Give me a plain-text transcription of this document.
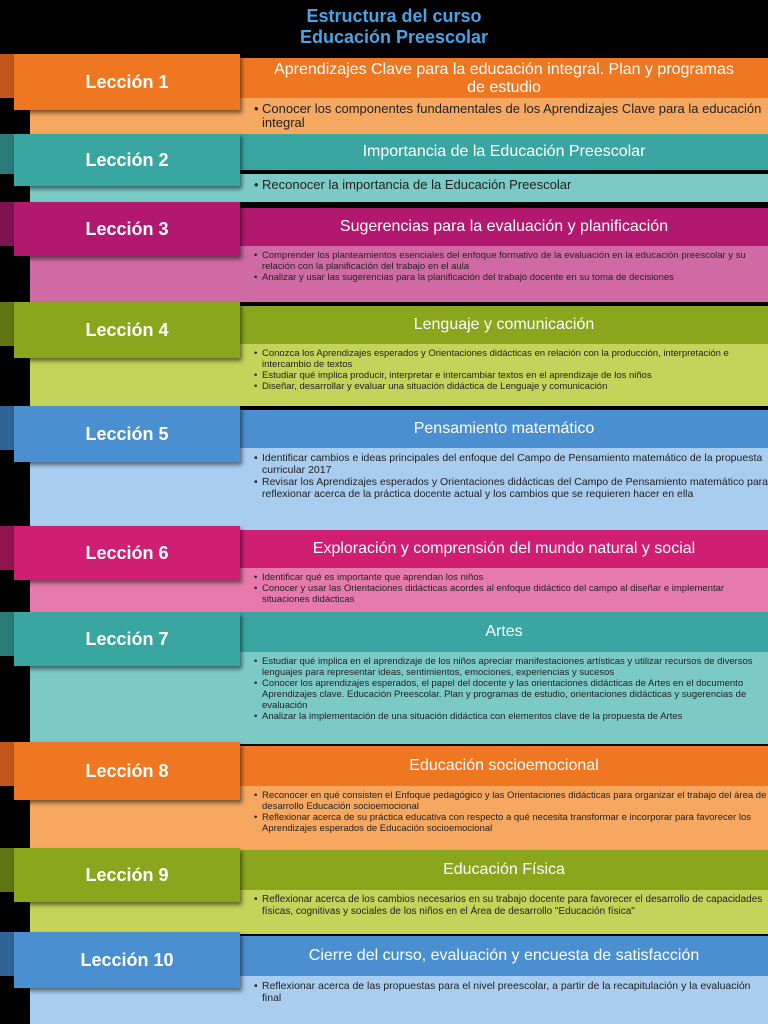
Estructura del curso
Educación Preescolar
Aprendizajes Clave para la educación integral. Plan y programas de estudio
• Conocer los componentes fundamentales de los Aprendizajes Clave para la educación integral
Lección 1
Importancia de la Educación Preescolar
• Reconocer la importancia de la Educación Preescolar
Lección 2
Sugerencias para la evaluación y planificación
• Comprender los planteamientos esenciales del enfoque formativo de la evaluación en la educación preescolar y su relación con la planificación del trabajo en el aula
• Analizar y usar las sugerencias para la planificación del trabajo docente en su toma de decisiones
Lección 3
Lenguaje y comunicación
• Conozca los Aprendizajes esperados y Orientaciones didácticas en relación con la producción, interpretación e intercambio de textos
• Estudiar qué implica producir, interpretar e intercambiar textos en el aprendizaje de los niños
• Diseñar, desarrollar y evaluar una situación didáctica de Lenguaje y comunicación
Lección 4
Pensamiento matemático
• Identificar cambios e ideas principales del enfoque del Campo de Pensamiento matemático de la propuesta curricular 2017
• Revisar los Aprendizajes esperados y Orientaciones didácticas del Campo de Pensamiento matemático para reflexionar acerca de la práctica docente actual y los cambios que se requieren hacer en ella
Lección 5
Exploración y comprensión del mundo natural y social
• Identificar qué es importante que aprendan los niños
• Conocer y usar las Orientaciones didácticas acordes al enfoque didáctico del campo al diseñar e implementar situaciones didácticas
Lección 6
Artes
• Estudiar qué implica en el aprendizaje de los niños apreciar manifestaciones artísticas y utilizar recursos de diversos lenguajes para representar ideas, sentimientos, emociones, experiencias y sucesos
• Conocer los aprendizajes esperados, el papel del docente y las orientaciones didácticas de Artes en el documento Aprendizajes clave. Educación Preescolar. Plan y programas de estudio, orientaciones didácticas y sugerencias de evaluación
• Analizar la implementación de una situación didáctica con elementos clave de la propuesta de Artes
Lección 7
Educación socioemocional
• Reconocer en qué consisten el Enfoque pedagógico y las Orientaciones didácticas para organizar el trabajo del área de desarrollo Educación socioemocional
• Reflexionar acerca de su práctica educativa con respecto a qué necesita transformar e incorporar para favorecer los Aprendizajes esperados de Educación socioemocional
Lección 8
Educación Física
• Reflexionar acerca de los cambios necesarios en su trabajo docente para favorecer el desarrollo de capacidades físicas, cognitivas y sociales de los niños en el Área de desarrollo "Educación física"
Lección 9
Cierre del curso, evaluación y encuesta de satisfacción
• Reflexionar acerca de las propuestas para el nivel preescolar, a partir de la recapitulación y la evaluación final
Lección 10
